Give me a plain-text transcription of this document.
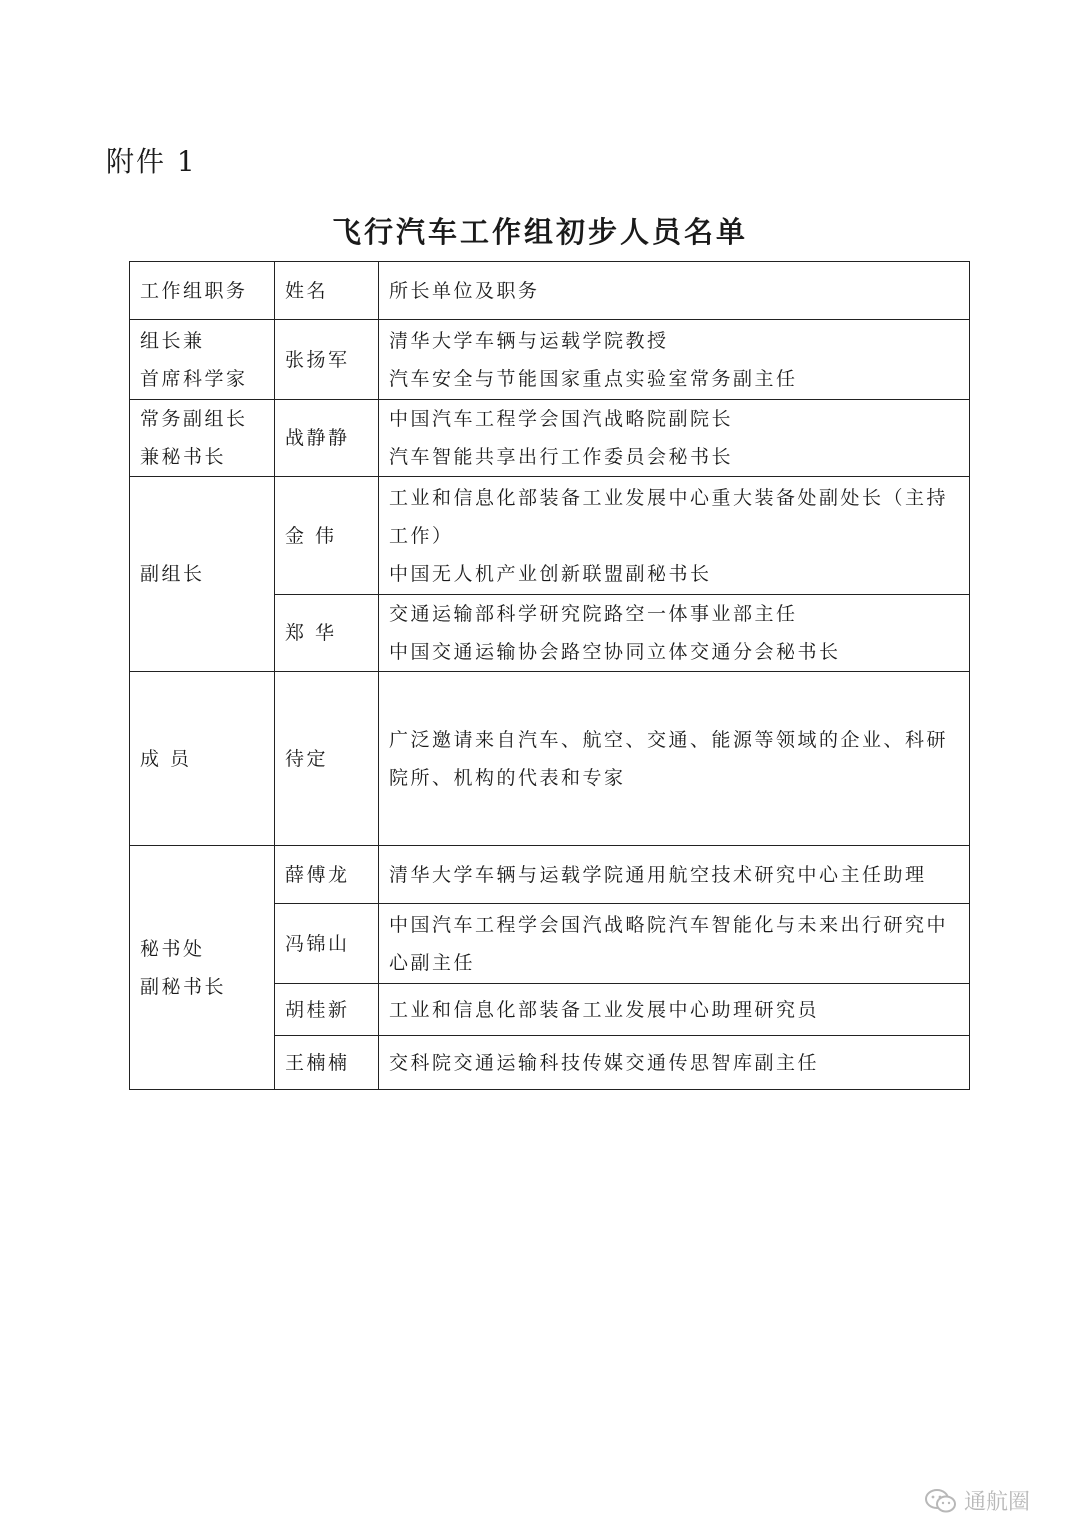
附件 1
飞行汽车工作组初步人员名单
工作组职务	姓名	所长单位及职务

组长兼
首席科学家	张扬军	清华大学车辆与运载学院教授
汽车安全与节能国家重点实验室常务副主任

常务副组长
兼秘书长	战静静	中国汽车工程学会国汽战略院副院长
汽车智能共享出行工作委员会秘书长

副组长	金 伟	工业和信息化部装备工业发展中心重大装备处副处长（主持
工作）
中国无人机产业创新联盟副秘书长

	郑 华	交通运输部科学研究院路空一体事业部主任
中国交通运输协会路空协同立体交通分会秘书长

成 员	待定	广泛邀请来自汽车、航空、交通、能源等领域的企业、科研
院所、机构的代表和专家

秘书处
副秘书长	薛傅龙	清华大学车辆与运载学院通用航空技术研究中心主任助理

	冯锦山	中国汽车工程学会国汽战略院汽车智能化与未来出行研究中
心副主任

	胡桂新	工业和信息化部装备工业发展中心助理研究员

	王楠楠	交科院交通运输科技传媒交通传思智库副主任
通航圈
